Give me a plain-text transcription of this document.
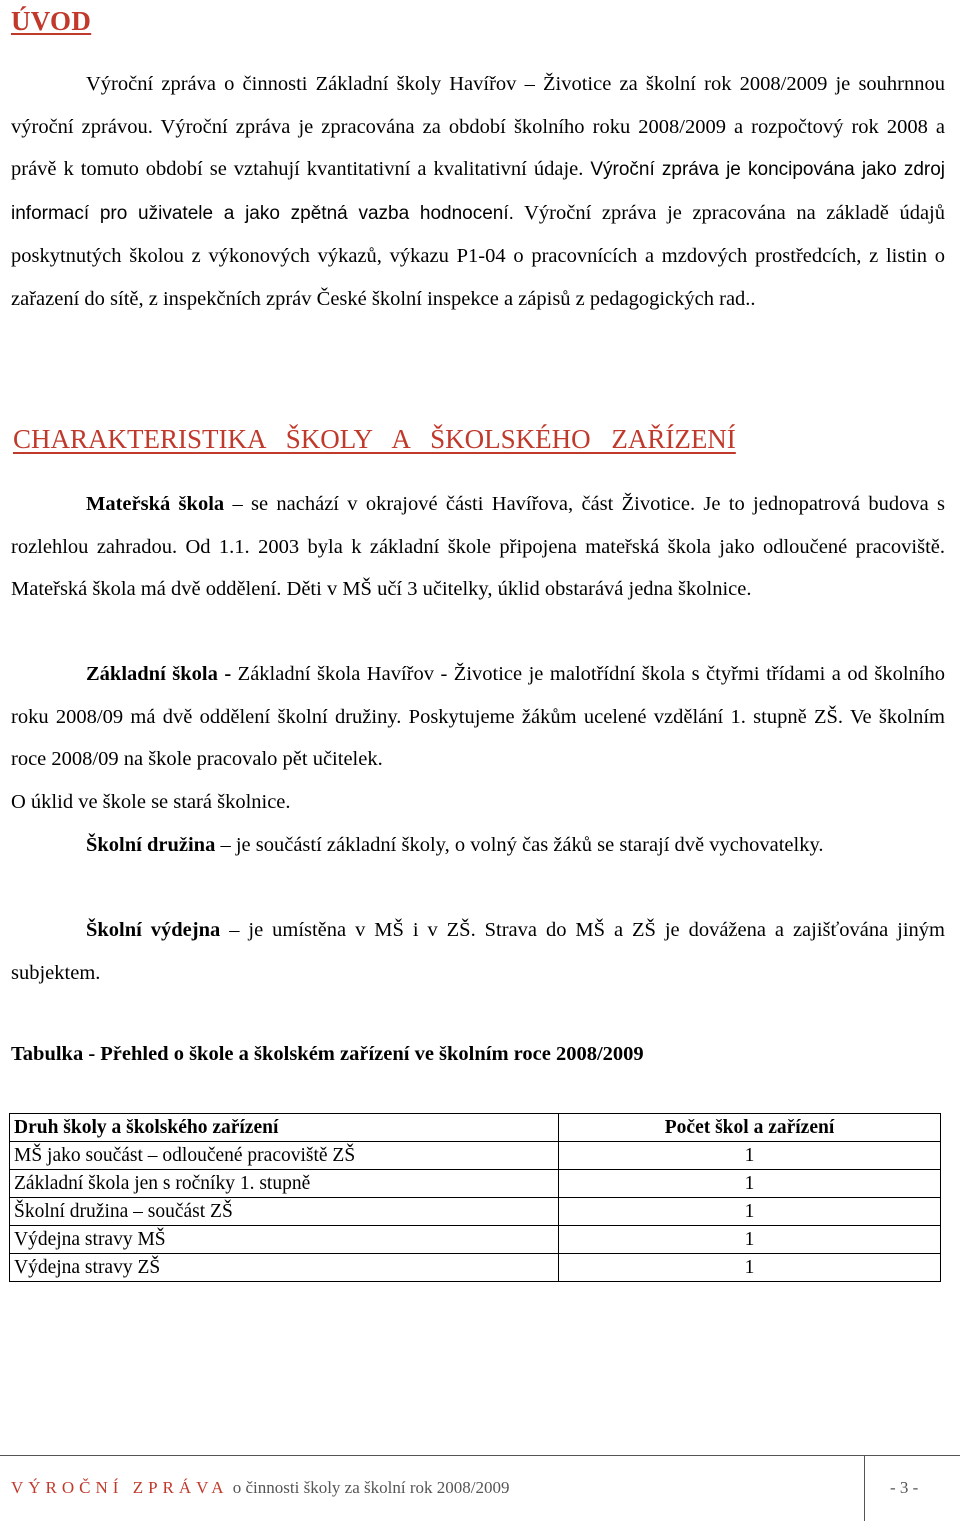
ÚVOD

Výroční zpráva o činnosti Základní školy Havířov – Životice za školní rok 2008/2009 je souhrnnou výroční zprávou. Výroční zpráva je zpracována za období školního roku 2008/2009 a rozpočtový rok 2008 a právě k tomuto období se vztahují kvantitativní a kvalitativní údaje. Výroční zpráva je koncipována jako zdroj informací pro uživatele a jako zpětná vazba hodnocení. Výroční zpráva je zpracována na základě údajů poskytnutých školou z výkonových výkazů, výkazu P1-04 o pracovnících a mzdových prostředcích, z listin o zařazení do sítě, z inspekčních zpráv České školní inspekce a zápisů z pedagogických rad..

CHARAKTERISTIKA ŠKOLY A ŠKOLSKÉHO ZAŘÍZENÍ

Mateřská škola – se nachází v okrajové části Havířova, část Životice. Je to jednopatrová budova s rozlehlou zahradou. Od 1.1. 2003 byla k základní škole připojena mateřská škola jako odloučené pracoviště. Mateřská škola má dvě oddělení. Děti v MŠ učí 3 učitelky, úklid obstarává jedna školnice.

Základní škola - Základní škola Havířov - Životice je malotřídní škola s čtyřmi třídami a od školního roku 2008/09 má dvě oddělení školní družiny. Poskytujeme žákům ucelené vzdělání 1. stupně ZŠ. Ve školním roce 2008/09 na škole pracovalo pět učitelek.

O úklid ve škole se stará školnice.

Školní družina – je součástí základní školy, o volný čas žáků se starají dvě vychovatelky.

Školní výdejna – je umístěna v MŠ i v ZŠ. Strava do MŠ a ZŠ je dovážena a zajišťována jiným subjektem.

Tabulka - Přehled o škole a školském zařízení ve školním roce 2008/2009

Druh školy a školského zařízení	Počet škol a zařízení
MŠ jako součást – odloučené pracoviště ZŠ	1
Základní škola jen s ročníky 1. stupně	1
Školní družina – součást ZŠ	1
Výdejna stravy MŠ	1
Výdejna stravy ZŠ	1
VÝROČNÍ ZPRÁVA o činnosti školy za školní rok 2008/2009	- 3 -
